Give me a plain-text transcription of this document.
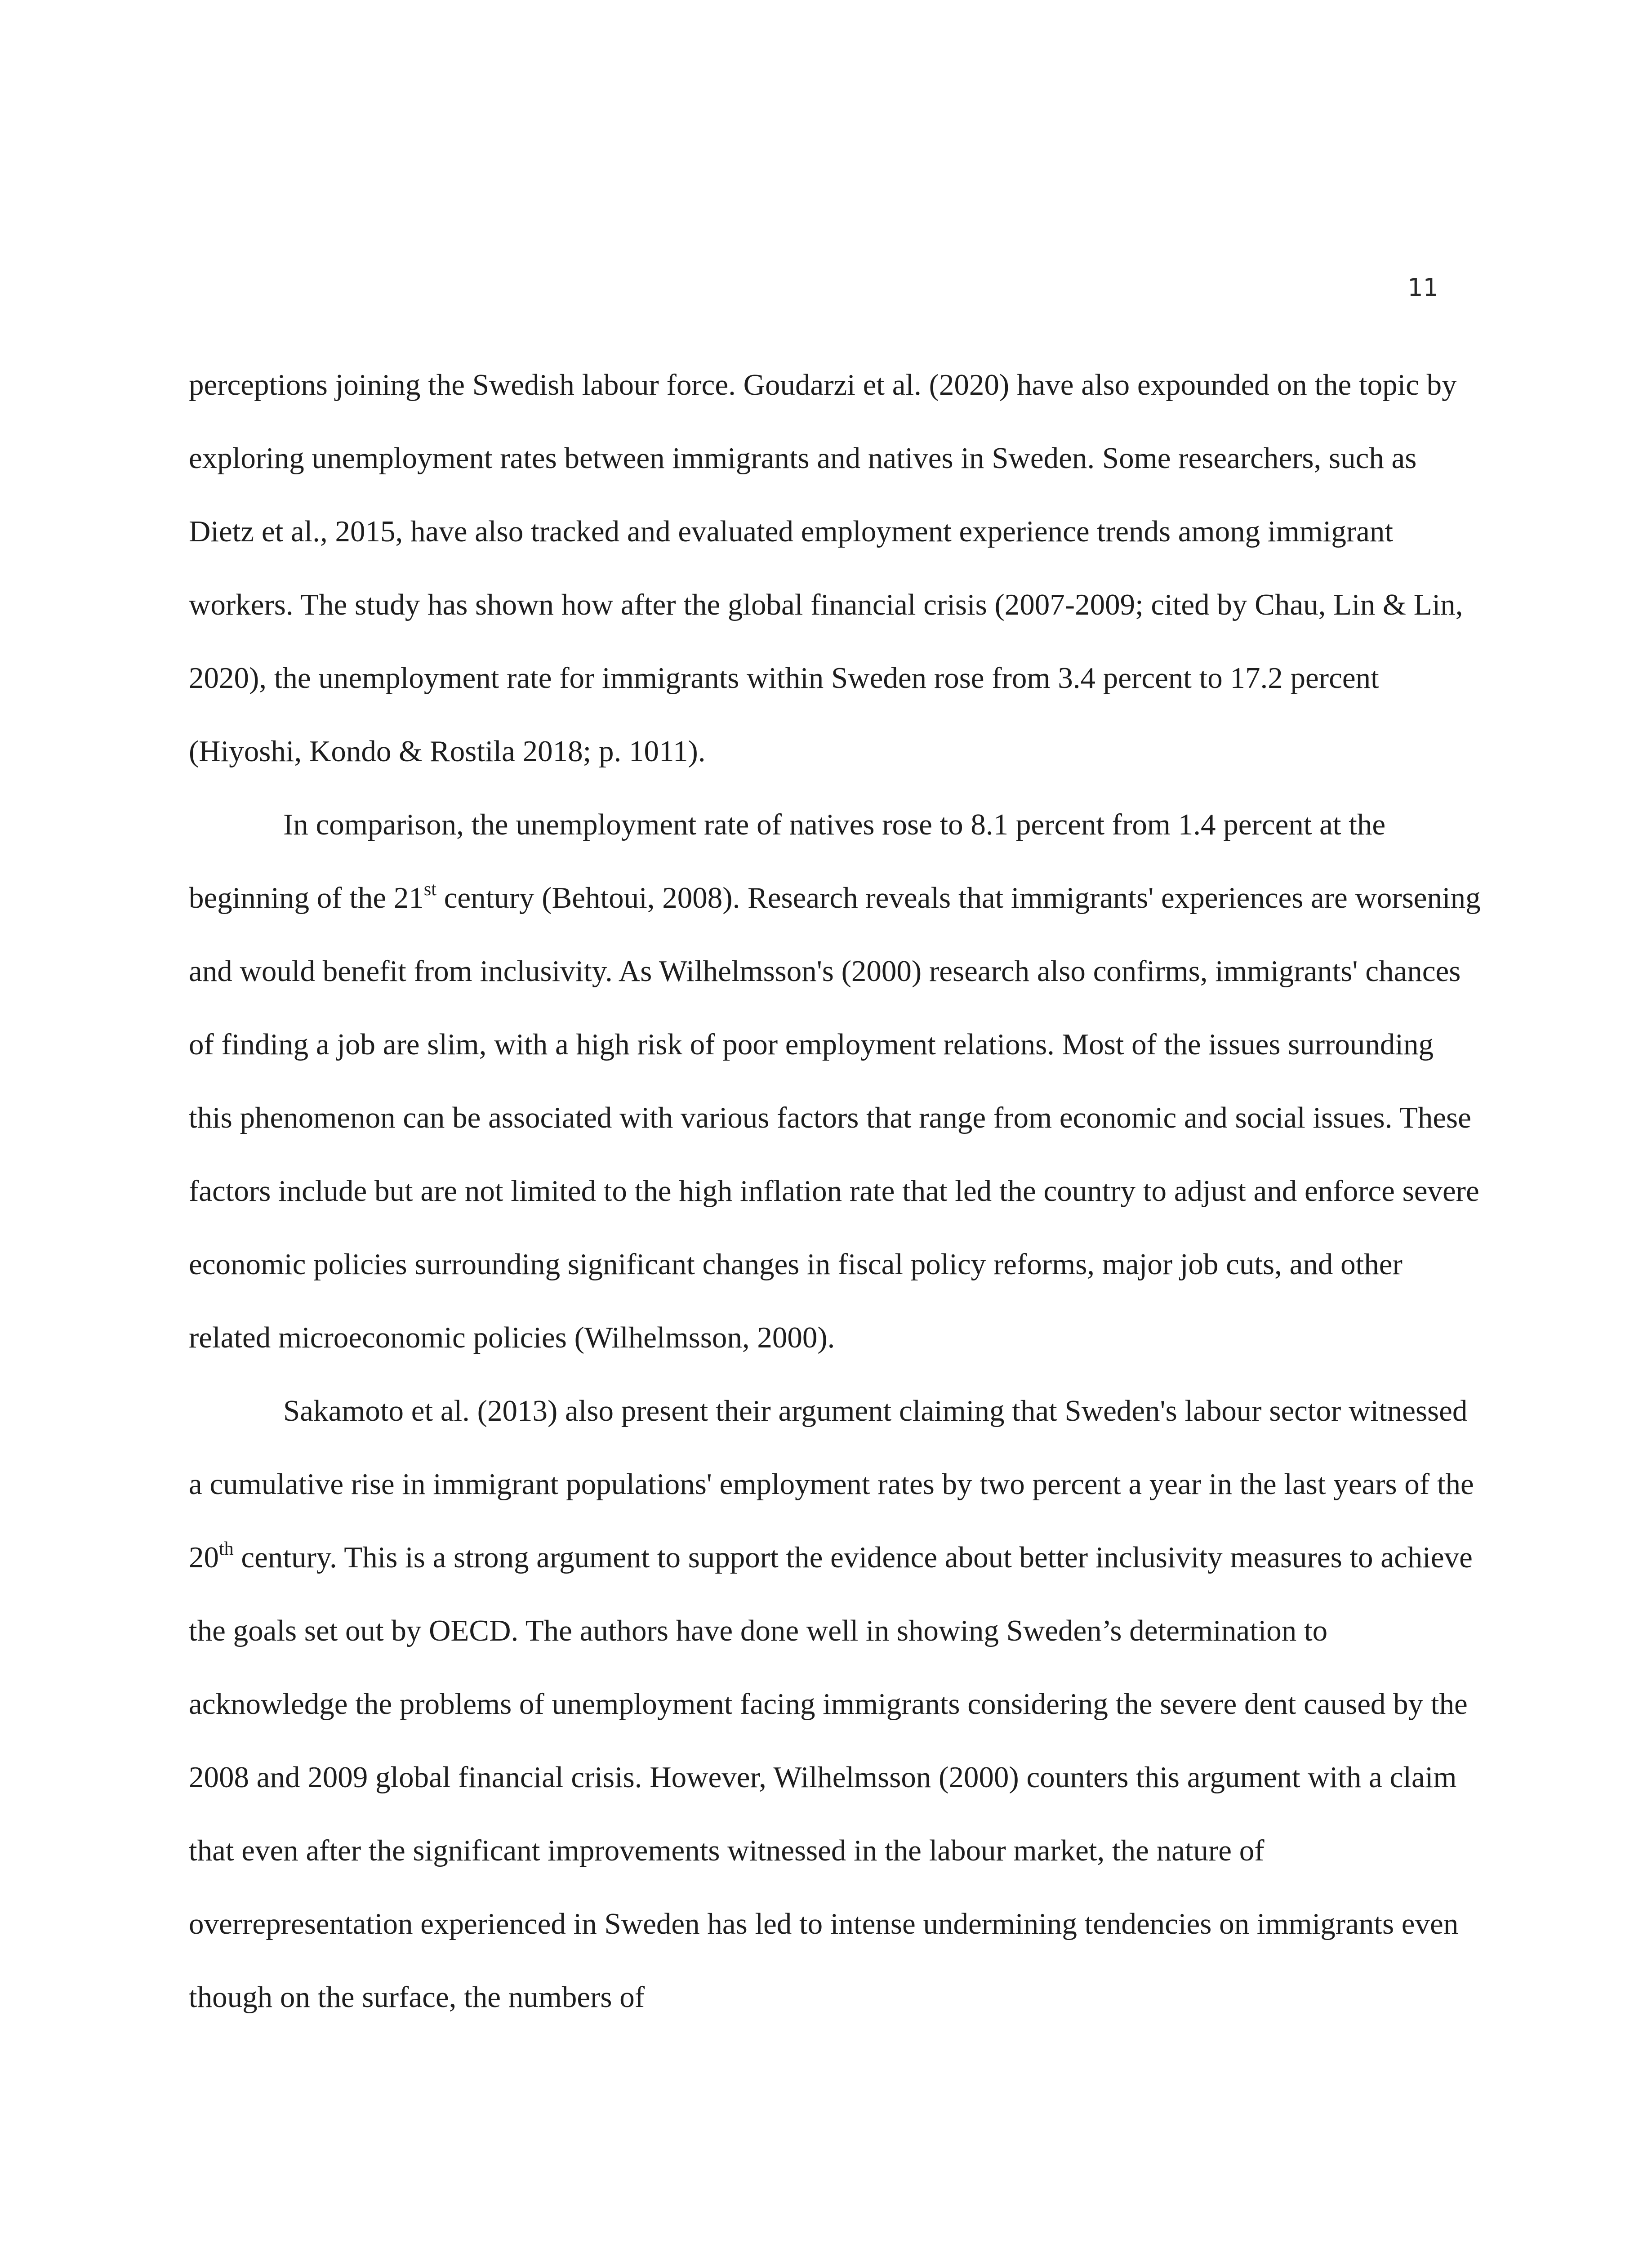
11

perceptions joining the Swedish labour force. Goudarzi et al. (2020) have also expounded on the topic by exploring unemployment rates between immigrants and natives in Sweden. Some researchers, such as Dietz et al., 2015, have also tracked and evaluated employment experience trends among immigrant workers. The study has shown how after the global financial crisis (2007-2009; cited by Chau, Lin & Lin, 2020), the unemployment rate for immigrants within Sweden rose from 3.4 percent to 17.2 percent (Hiyoshi, Kondo & Rostila 2018; p. 1011).

In comparison, the unemployment rate of natives rose to 8.1 percent from 1.4 percent at the beginning of the 21st century (Behtoui, 2008). Research reveals that immigrants' experiences are worsening and would benefit from inclusivity. As Wilhelmsson's (2000) research also confirms, immigrants' chances of finding a job are slim, with a high risk of poor employment relations. Most of the issues surrounding this phenomenon can be associated with various factors that range from economic and social issues. These factors include but are not limited to the high inflation rate that led the country to adjust and enforce severe economic policies surrounding significant changes in fiscal policy reforms, major job cuts, and other related microeconomic policies (Wilhelmsson, 2000).

Sakamoto et al. (2013) also present their argument claiming that Sweden's labour sector witnessed a cumulative rise in immigrant populations' employment rates by two percent a year in the last years of the 20th century. This is a strong argument to support the evidence about better inclusivity measures to achieve the goals set out by OECD. The authors have done well in showing Sweden’s determination to acknowledge the problems of unemployment facing immigrants considering the severe dent caused by the 2008 and 2009 global financial crisis. However, Wilhelmsson (2000) counters this argument with a claim that even after the significant improvements witnessed in the labour market, the nature of overrepresentation experienced in Sweden has led to intense undermining tendencies on immigrants even though on the surface, the numbers of
